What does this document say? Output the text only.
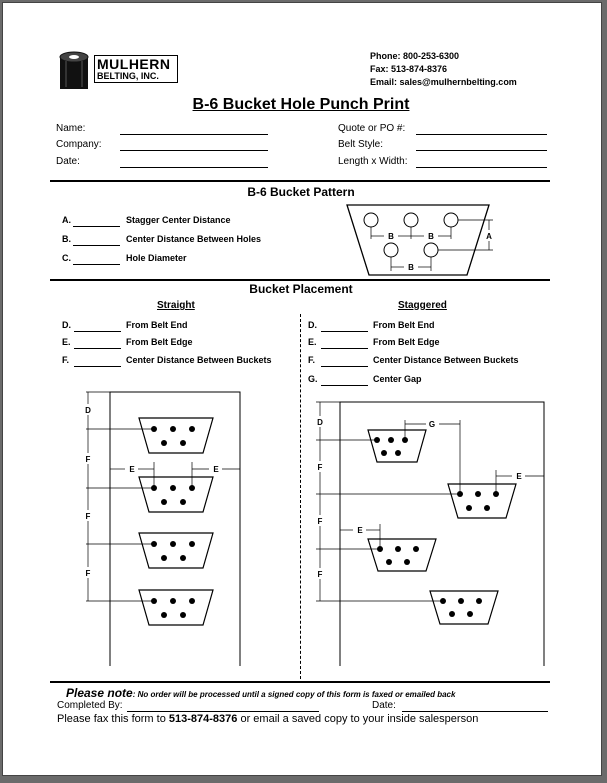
MULHERN
BELTING, INC.
Phone: 800-253-6300
Fax: 513-874-8376
Email: sales@mulhernbelting.com
B-6 Bucket Hole Punch Print
Name:
Company:
Date:
Quote or PO #:
Belt Style:
Length x Width:
B-6 Bucket Pattern
A.	Stagger Center Distance
B.	Center Distance Between Holes
C.	Hole Diameter
B	B
B
A
Bucket Placement
Straight	Staggered
D.	From Belt End
E.	From Belt Edge
F.	Center Distance Between Buckets
D.	From Belt End
E.	From Belt Edge
F.	Center Distance Between Buckets
G.	Center Gap
D
F
F
F
E	E
D
F
F
F
G
E
E
Please note: No order will be processed until a signed copy of this form is faxed or emailed back
Completed By:	Date:
Please fax this form to 513-874-8376 or email a saved copy to your inside salesperson
